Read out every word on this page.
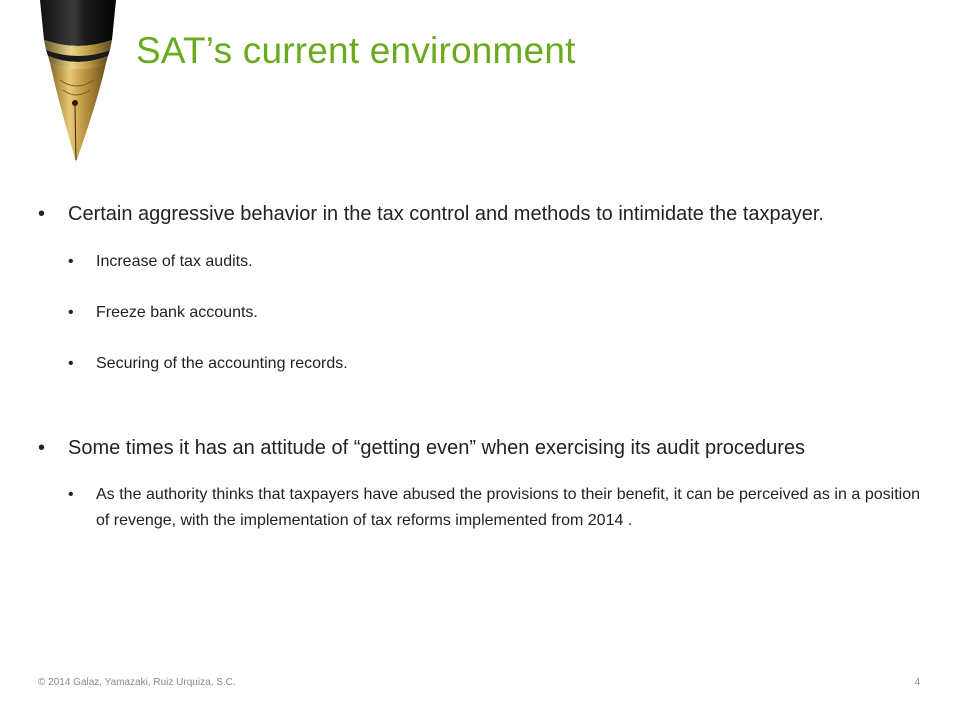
SAT’s current environment
• Certain aggressive behavior in the tax control and methods to intimidate the taxpayer.
• Increase of tax audits.
• Freeze bank accounts.
• Securing of the accounting records.
• Some times it has an attitude of “getting even” when exercising its audit procedures
• As the authority thinks that taxpayers have abused the provisions to their benefit, it can be perceived as in a position of revenge, with the implementation of tax reforms implemented from 2014 .
© 2014 Galaz, Yamazaki, Ruiz Urquiza, S.C.	4
